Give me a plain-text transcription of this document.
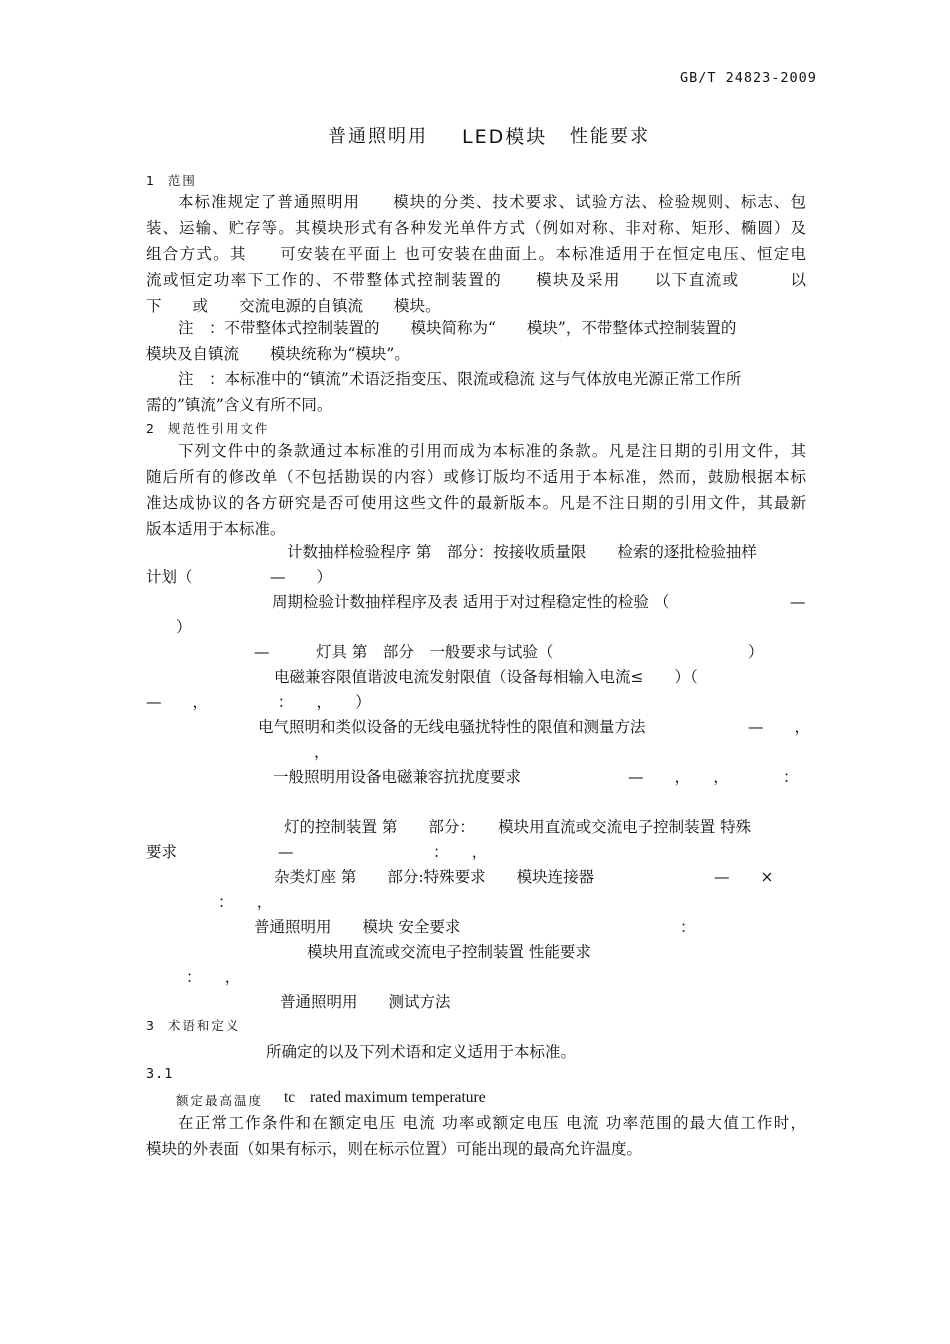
GB/T 24823-2009
普通照明用 LED模块 性能要求
1  范围
本标准规定了普通照明用　　模块的分类、技术要求、试验方法、检验规则、标志、包
装、运输、贮存等。其模块形式有各种发光单件方式（例如对称、非对称、矩形、椭圆）及
组合方式。其　　可安装在平面上 也可安装在曲面上。本标准适用于在恒定电压、恒定电
流或恒定功率下工作的、不带整体式控制装置的　　模块及采用　　以下直流或　　　以
下　　或　　交流电源的自镇流　　模块。
注　：不带整体式控制装置的　　模块简称为“　　模块”，不带整体式控制装置的
模块及自镇流　　模块统称为“模块”。
注　：本标准中的“镇流”术语泛指变压、限流或稳流 这与气体放电光源正常工作所
需的”镇流”含义有所不同。
2  规范性引用文件
下列文件中的条款通过本标准的引用而成为本标准的条款。凡是注日期的引用文件，其
随后所有的修改单（不包括勘误的内容）或修订版均不适用于本标准，然而，鼓励根据本标
准达成协议的各方研究是否可使用这些文件的最新版本。凡是不注日期的引用文件，其最新
版本适用于本标准。
计数抽样检验程序 第　部分：按接收质量限　　检索的逐批检验抽样
计划（　　　　　—　　）
周期检验计数抽样程序及表 适用于对过程稳定性的检验 （	—
）
—　　　灯具 第　部分　一般要求与试验（	）
电磁兼容限值谐波电流发射限值（设备每相输入电流≤　　）（
—　　，　　　　　：　　，　　）
电气照明和类似设备的无线电骚扰特性的限值和测量方法	—　　，
，
一般照明用设备电磁兼容抗扰度要求	—　　，　　，　　　　：
灯的控制装置 第　　部分：　　模块用直流或交流电子控制装置 特殊
要求	—　　　　　　　　　：　　，
杂类灯座 第　　部分:特殊要求　　模块连接器	—　　×
：　　，
普通照明用　　模块 安全要求	：
模块用直流或交流电子控制装置 性能要求
：　　，
普通照明用　　测试方法
3  术语和定义
所确定的以及下列术语和定义适用于本标准。
3.1
额定最高温度 tc rated maximum temperature
在正常工作条件和在额定电压 电流 功率或额定电压 电流 功率范围的最大值工作时，
模块的外表面（如果有标示，则在标示位置）可能出现的最高允许温度。
